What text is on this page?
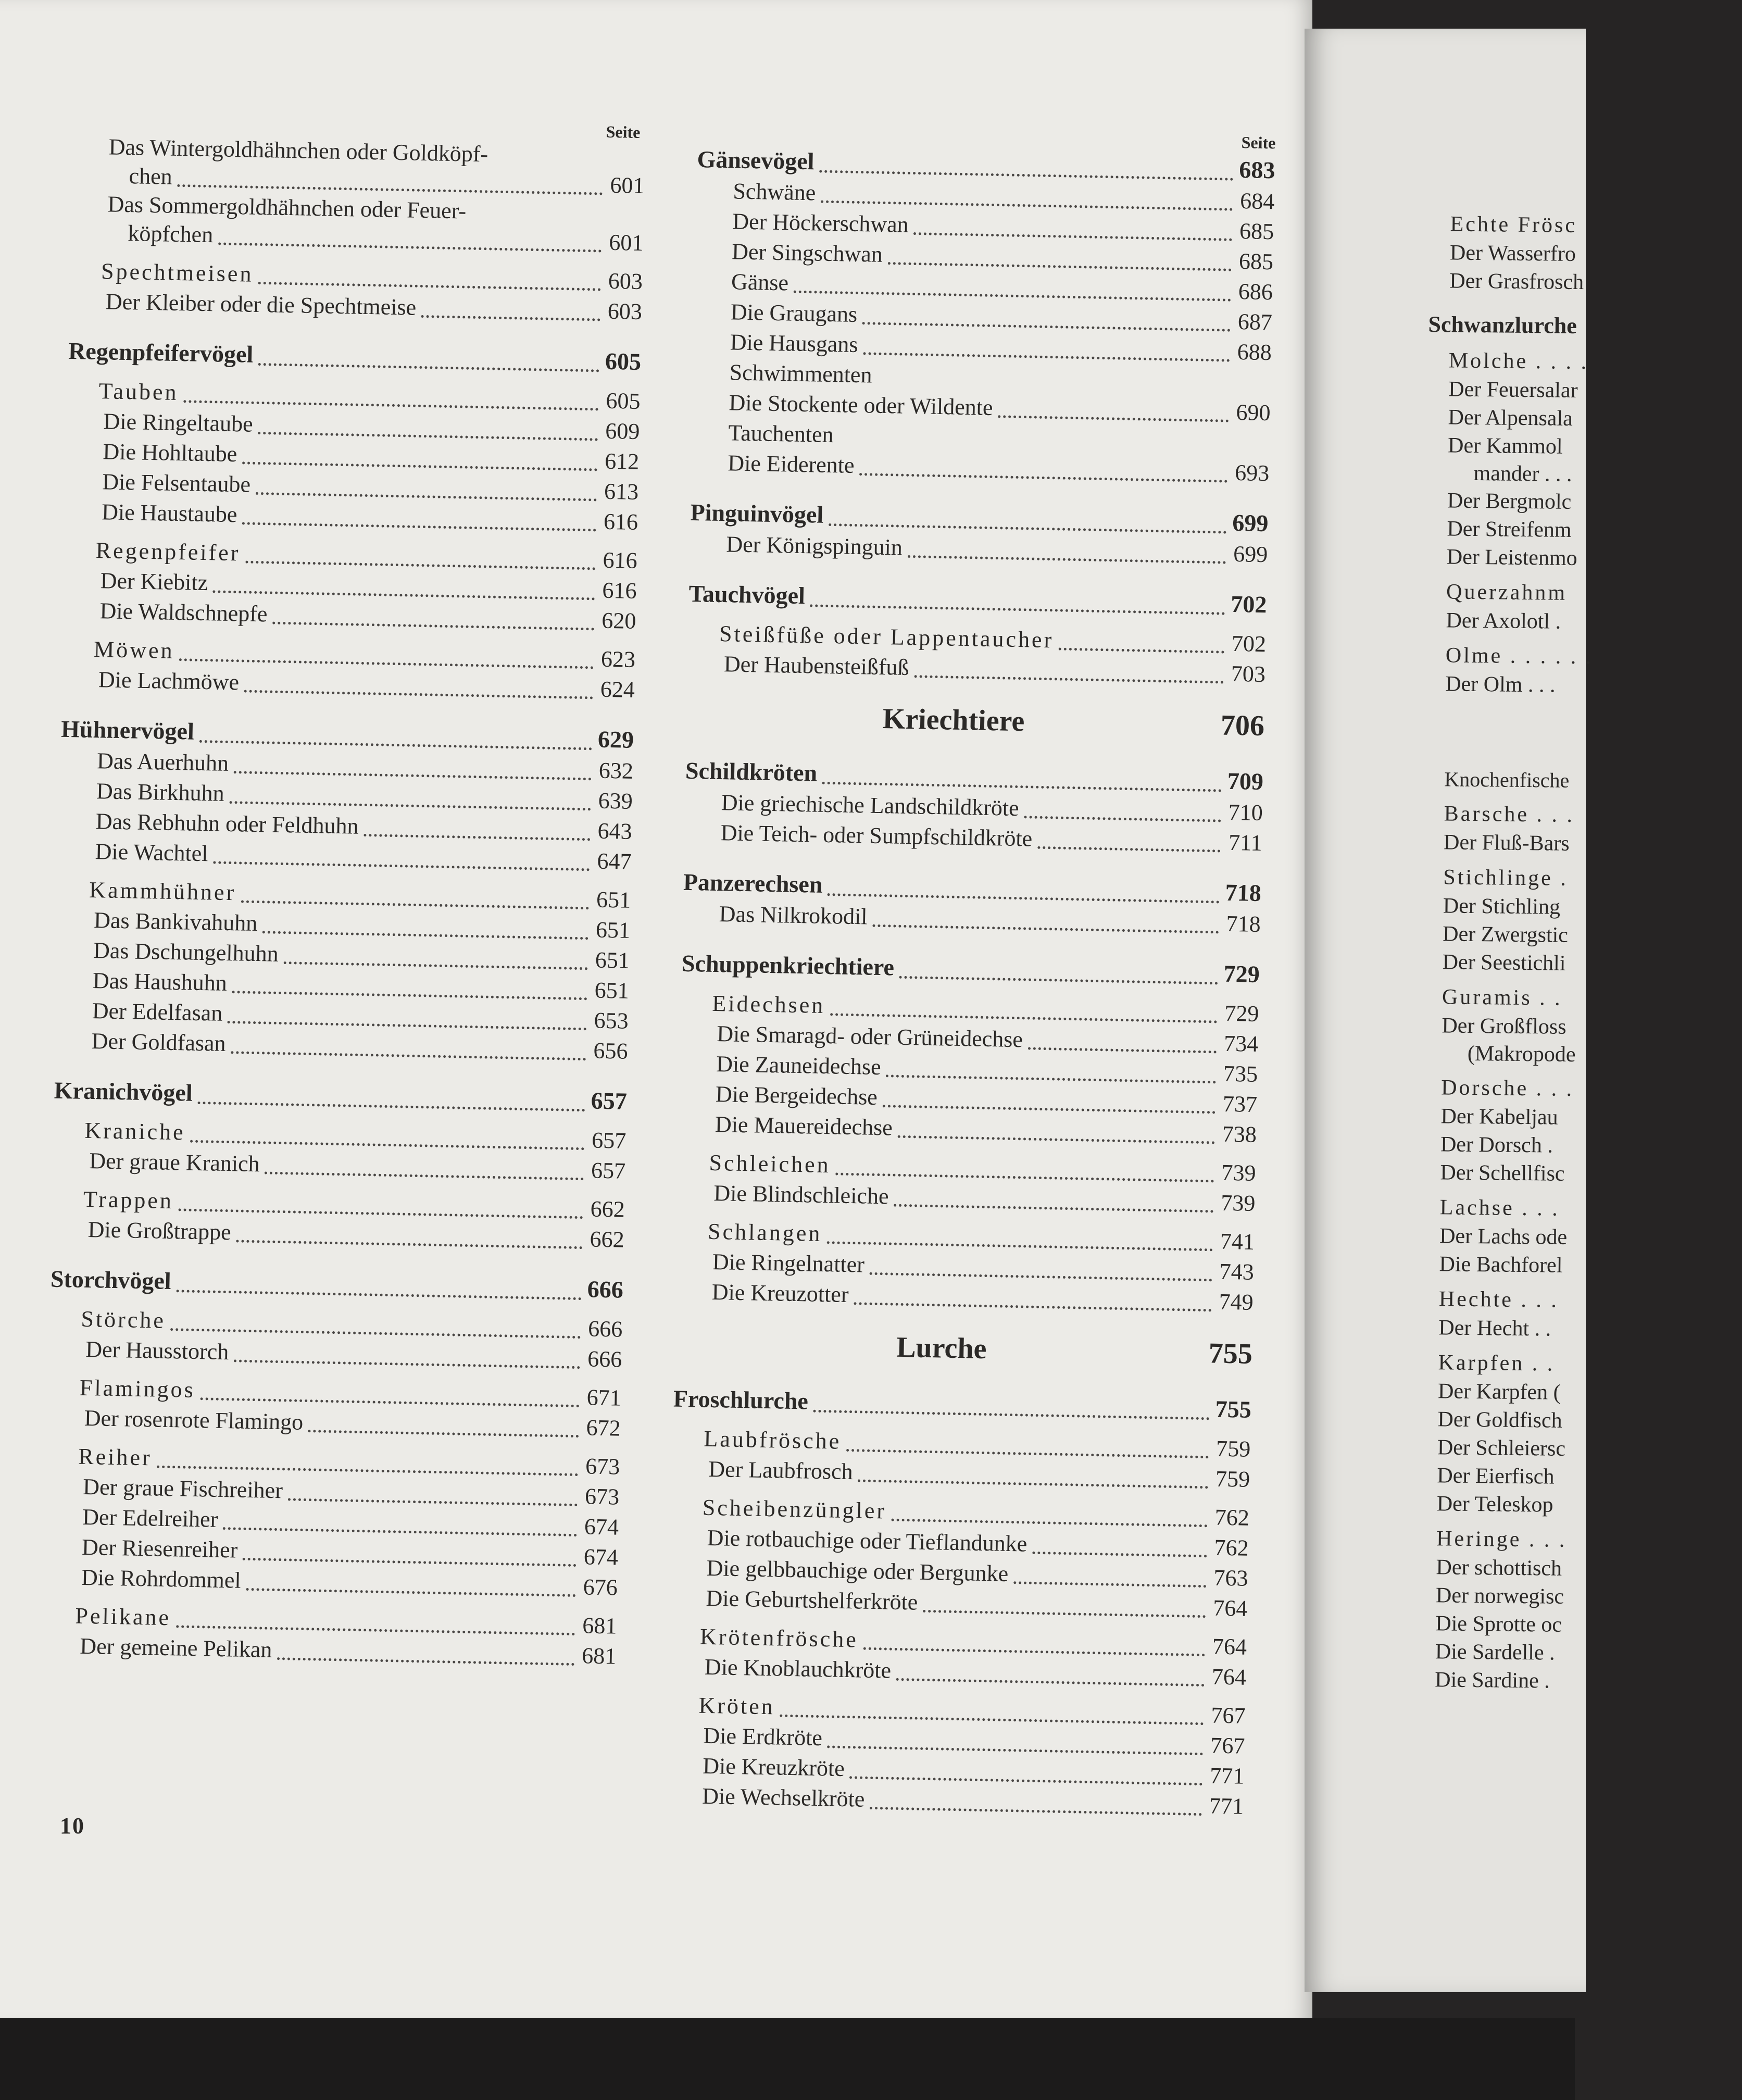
Seite
Das Wintergoldhähnchen oder Goldköpf-
chen	601
Das Sommergoldhähnchen oder Feuer-
köpfchen	601
Spechtmeisen	603
Der Kleiber oder die Spechtmeise	603
Regenpfeifervögel	605
Tauben	605
Die Ringeltaube	609
Die Hohltaube	612
Die Felsentaube	613
Die Haustaube	616
Regenpfeifer	616
Der Kiebitz	616
Die Waldschnepfe	620
Möwen	623
Die Lachmöwe	624
Hühnervögel	629
Das Auerhuhn	632
Das Birkhuhn	639
Das Rebhuhn oder Feldhuhn	643
Die Wachtel	647
Kammhühner	651
Das Bankivahuhn	651
Das Dschungelhuhn	651
Das Haushuhn	651
Der Edelfasan	653
Der Goldfasan	656
Kranichvögel	657
Kraniche	657
Der graue Kranich	657
Trappen	662
Die Großtrappe	662
Storchvögel	666
Störche	666
Der Hausstorch	666
Flamingos	671
Der rosenrote Flamingo	672
Reiher	673
Der graue Fischreiher	673
Der Edelreiher	674
Der Riesenreiher	674
Die Rohrdommel	676
Pelikane	681
Der gemeine Pelikan	681
Seite
Gänsevögel	683
Schwäne	684
Der Höckerschwan	685
Der Singschwan	685
Gänse	686
Die Graugans	687
Die Hausgans	688
Schwimmenten
Die Stockente oder Wildente	690
Tauchenten
Die Eiderente	693
Pinguinvögel	699
Der Königspinguin	699
Tauchvögel	702
Steißfüße oder Lappentaucher	702
Der Haubensteißfuß	703
Kriechtiere	706
Schildkröten	709
Die griechische Landschildkröte	710
Die Teich- oder Sumpfschildkröte	711
Panzerechsen	718
Das Nilkrokodil	718
Schuppenkriechtiere	729
Eidechsen	729
Die Smaragd- oder Grüneidechse	734
Die Zauneidechse	735
Die Bergeidechse	737
Die Mauereidechse	738
Schleichen	739
Die Blindschleiche	739
Schlangen	741
Die Ringelnatter	743
Die Kreuzotter	749
Lurche	755
Froschlurche	755
Laubfrösche	759
Der Laubfrosch	759
Scheibenzüngler	762
Die rotbauchige oder Tieflandunke	762
Die gelbbauchige oder Bergunke	763
Die Geburtshelferkröte	764
Krötenfrösche	764
Die Knoblauchkröte	764
Kröten	767
Die Erdkröte	767
Die Kreuzkröte	771
Die Wechselkröte	771
10
Echte Frösc
Der Wasserfro
Der Grasfrosch
Schwanzlurche
Molche . . . .
Der Feuersalar
Der Alpensala
Der Kammol
mander . . .
Der Bergmolc
Der Streifenm
Der Leistenmo
Querzahnm
Der Axolotl .
Olme . . . . . .
Der Olm . . .
Knochenfische
Barsche . . .
Der Fluß-Bars
Stichlinge .
Der Stichling
Der Zwergstic
Der Seestichli
Guramis . .
Der Großfloss
(Makropode
Dorsche . . .
Der Kabeljau
Der Dorsch .
Der Schellfisc
Lachse . . .
Der Lachs ode
Die Bachforel
Hechte . . .
Der Hecht . .
Karpfen . .
Der Karpfen (
Der Goldfisch
Der Schleiersc
Der Eierfisch
Der Teleskop
Heringe . . .
Der schottisch
Der norwegisc
Die Sprotte oc
Die Sardelle .
Die Sardine .
